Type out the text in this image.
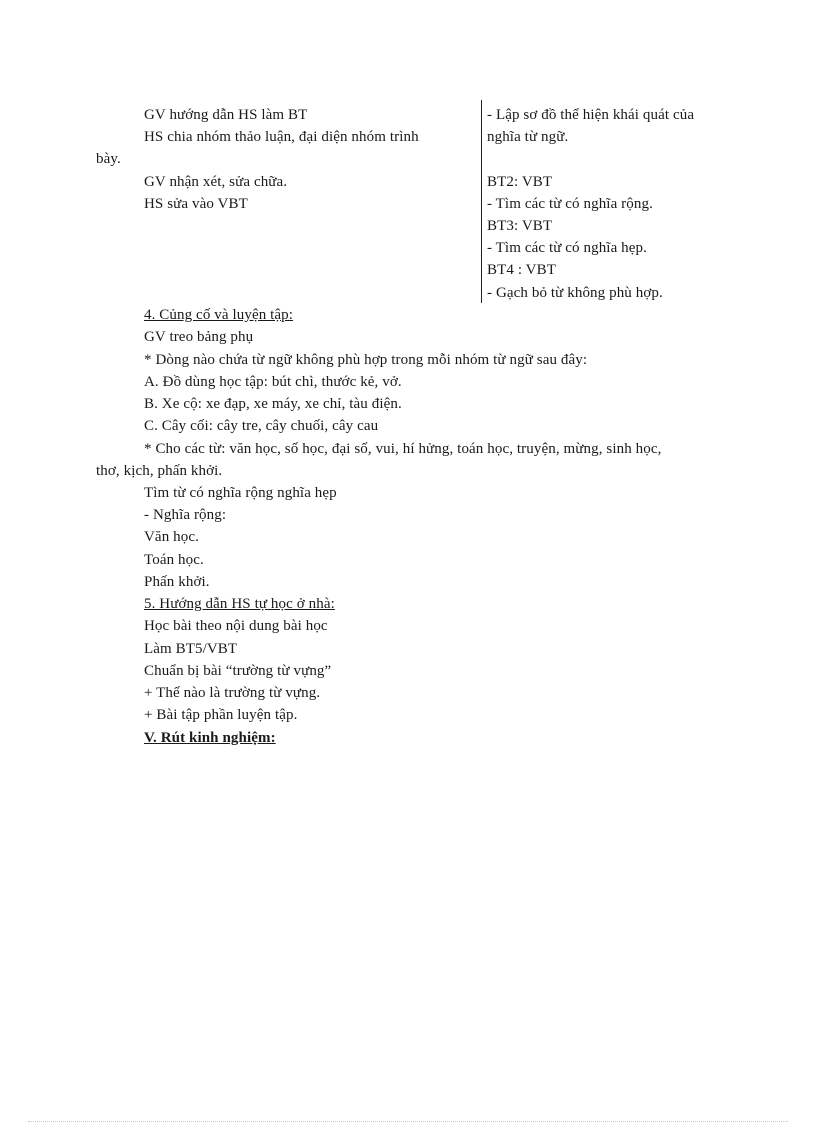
GV hướng dẫn HS làm BT
HS chia nhóm thảo luận, đại diện nhóm trình
bày.
GV nhận xét, sửa chữa.
HS sửa vào VBT
- Lập sơ đồ thể hiện khái quát của
nghĩa từ ngữ.
BT2: VBT
- Tìm các từ có nghĩa rộng.
BT3: VBT
- Tìm các từ có nghĩa hẹp.
BT4 : VBT
- Gạch bỏ từ không phù hợp.
4. Củng cố và luyện tập:
GV treo bảng phụ
* Dòng nào chứa từ ngữ không phù hợp trong mỗi nhóm từ ngữ sau đây:
A. Đồ dùng học tập: bút chì, thước kẻ, vở.
B. Xe cộ: xe đạp, xe máy, xe chỉ, tàu điện.
C. Cây cối: cây tre, cây chuối, cây cau
* Cho các từ: văn học, số học, đại số, vui, hí hửng, toán học, truyện, mừng, sinh học,
thơ, kịch, phấn khởi.
Tìm từ có nghĩa rộng nghĩa hẹp
- Nghĩa rộng:
Văn học.
Toán học.
Phấn khởi.
5. Hướng dẫn HS tự học ở nhà:
Học bài theo nội dung bài học
Làm BT5/VBT
Chuẩn bị bài “trường từ vựng”
+ Thế nào là trường từ vựng.
+ Bài tập phần luyện tập.
V. Rút kinh nghiệm:
